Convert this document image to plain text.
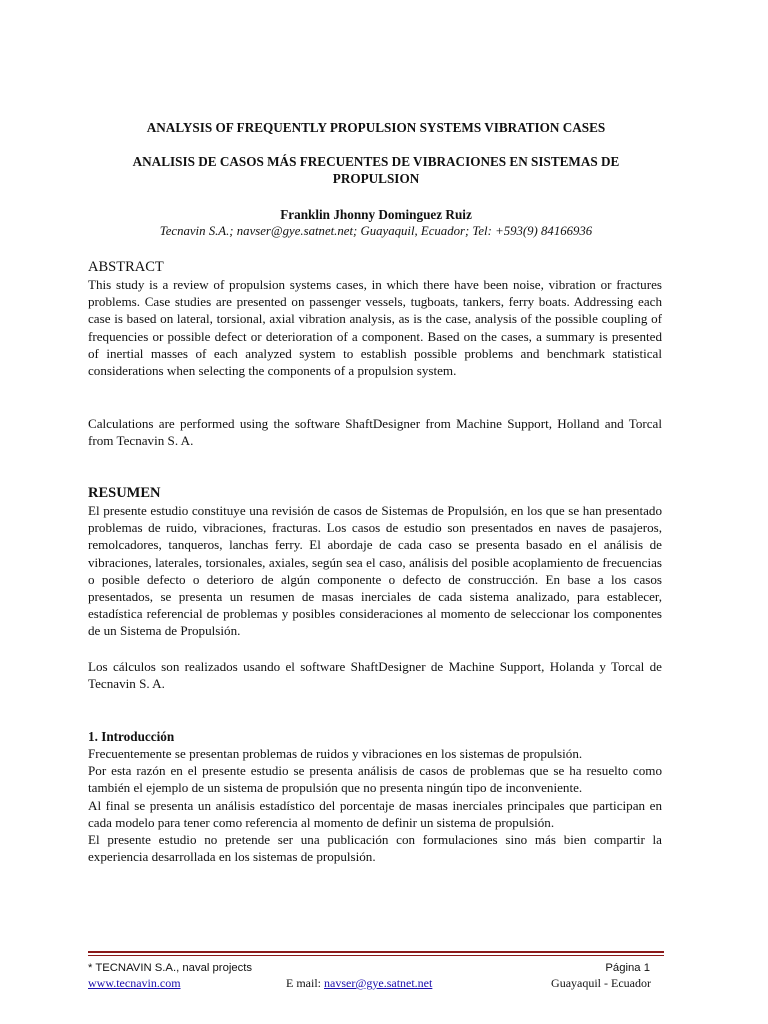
ANALYSIS OF FREQUENTLY PROPULSION SYSTEMS VIBRATION CASES
ANALISIS DE CASOS MÁS FRECUENTES DE VIBRACIONES EN SISTEMAS DE
PROPULSION
Franklin Jhonny Dominguez Ruiz
Tecnavin S.A.; navser@gye.satnet.net; Guayaquil, Ecuador; Tel: +593(9) 84166936
ABSTRACT

This study is a review of propulsion systems cases, in which there have been noise, vibration or fractures problems. Case studies are presented on passenger vessels, tugboats, tankers, ferry boats. Addressing each case is based on lateral, torsional, axial vibration analysis, as is the case, analysis of the possible coupling of frequencies or possible defect or deterioration of a component. Based on the cases, a summary is presented of inertial masses of each analyzed system to establish possible problems and benchmark statistical considerations when selecting the components of a propulsion system.

Calculations are performed using the software ShaftDesigner from Machine Support, Holland and Torcal from Tecnavin S. A.

RESUMEN

El presente estudio constituye una revisión de casos de Sistemas de Propulsión, en los que se han presentado problemas de ruido, vibraciones, fracturas. Los casos de estudio son presentados en naves de pasajeros, remolcadores, tanqueros, lanchas ferry. El abordaje de cada caso se presenta basado en el análisis de vibraciones, laterales, torsionales, axiales, según sea el caso, análisis del posible acoplamiento de frecuencias o posible defecto o deterioro de algún componente o defecto de construcción. En base a los casos presentados, se presenta un resumen de masas inerciales de cada sistema analizado, para establecer, estadística referencial de problemas y posibles consideraciones al momento de seleccionar los componentes de un Sistema de Propulsión.

Los cálculos son realizados usando el software ShaftDesigner de Machine Support, Holanda y Torcal de Tecnavin S. A.

1. Introducción
Frecuentemente se presentan problemas de ruidos y vibraciones en los sistemas de propulsión.
Por esta razón en el presente estudio se presenta análisis de casos de problemas que se ha resuelto como también el ejemplo de un sistema de propulsión que no presenta ningún tipo de inconveniente.
Al final se presenta un análisis estadístico del porcentaje de masas inerciales principales que participan en cada modelo para tener como referencia al momento de definir un sistema de propulsión.
El presente estudio no pretende ser una publicación con formulaciones sino más bien compartir la experiencia desarrollada en los sistemas de propulsión.
* TECNAVIN S.A., naval projects	Página 1
www.tecnavin.com	E mail: navser@gye.satnet.net	Guayaquil - Ecuador
